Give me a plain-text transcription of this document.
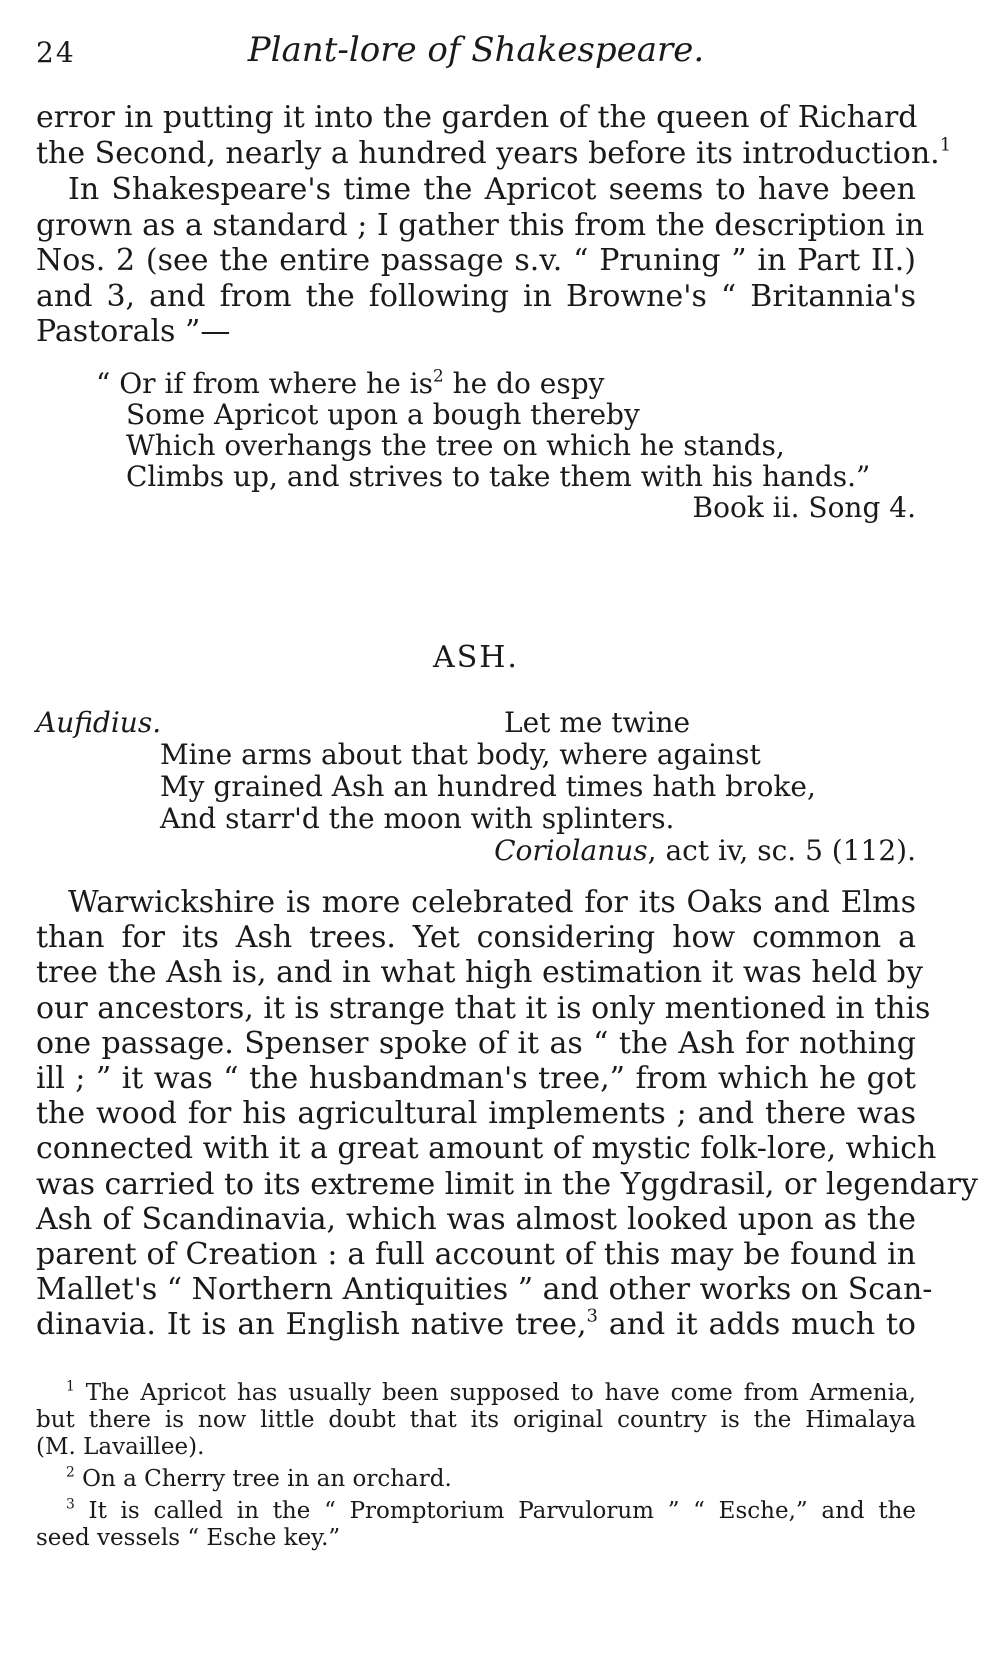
24	Plant-lore of Shakespeare.
error in putting it into the garden of the queen of Richard
the Second, nearly a hundred years before its introduction.$^1$
In Shakespeare's time the Apricot seems to have been
grown as a standard ; I gather this from the description in
Nos. 2 (see the entire passage s.v. “ Pruning ” in Part II.)
and 3, and from the following in Browne's “ Britannia's
Pastorals ”—
“ Or if from where he $is^2$ he do espy
Some Apricot upon a bough thereby
Which overhangs the tree on which he stands,
Climbs up, and strives to take them with his hands.”
Book ii. Song 4.
ASH.
Aufidius.	Let me twine
Mine arms about that body, where against
My grained Ash an hundred times hath broke,
And starr'd the moon with splinters.
Coriolanus, act iv, sc. 5 (112).
Warwickshire is more celebrated for its Oaks and Elms
than for its Ash trees. Yet considering how common a
tree the Ash is, and in what high estimation it was held by
our ancestors, it is strange that it is only mentioned in this
one passage. Spenser spoke of it as “ the Ash for nothing
ill ; ” it was “ the husbandman's tree,” from which he got
the wood for his agricultural implements ; and there was
connected with it a great amount of mystic folk-lore, which
was carried to its extreme limit in the Yggdrasil, or legendary
Ash of Scandinavia, which was almost looked upon as the
parent of Creation : a full account of this may be found in
Mallet's “ Northern Antiquities ” and other works on Scan-
dinavia. It is an English native tree,$^3$ and it adds much to
$^1$ The Apricot has usually been supposed to have come from Armenia,
but there is now little doubt that its original country is the Himalaya
(M. Lavaillee).
$^2$ On a Cherry tree in an orchard.
$^3$ It is called in the “ Promptorium Parvulorum ” “ Esche,” and the
seed vessels “ Esche key.”
